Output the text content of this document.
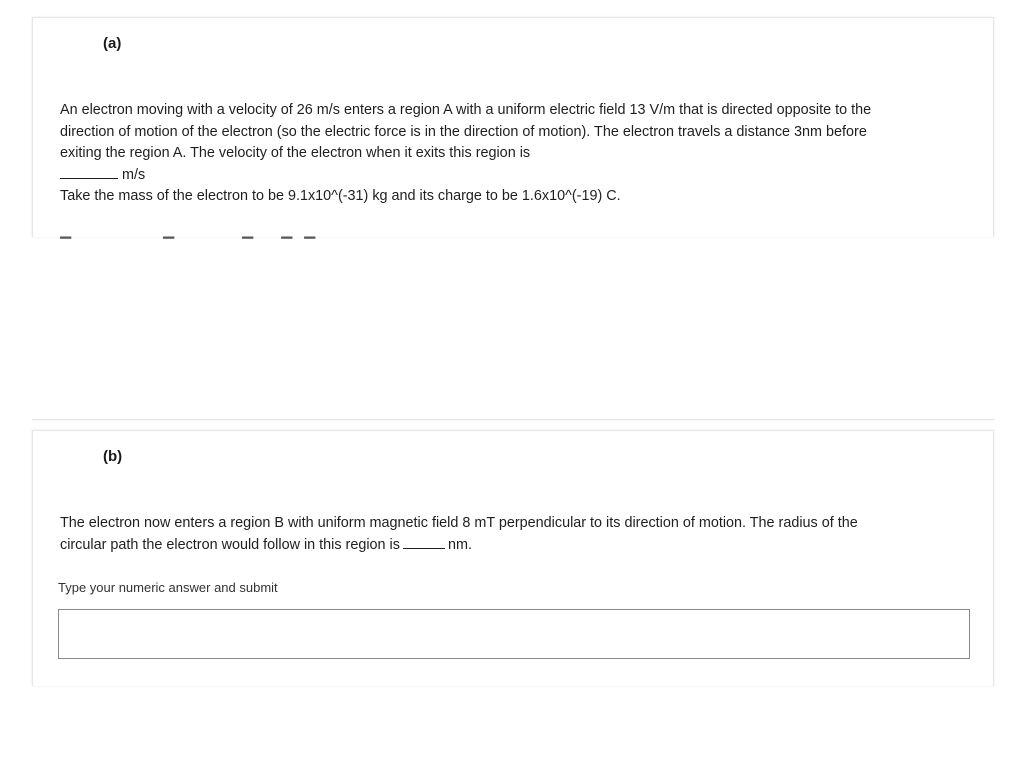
(a)
An electron moving with a velocity of 26 m/s enters a region A with a uniform electric field 13 V/m that is directed opposite to the
direction of motion of the electron (so the electric force is in the direction of motion). The electron travels a distance 3nm before
exiting the region A. The velocity of the electron when it exits this region is
m/s
Take the mass of the electron to be 9.1x10^(-31) kg and its charge to be 1.6x10^(-19) C.
▔                       ▔                 ▔       ▔   ▔
(b)
The electron now enters a region B with uniform magnetic field 8 mT perpendicular to its direction of motion. The radius of the
circular path the electron would follow in this region is	nm.
Type your numeric answer and submit
